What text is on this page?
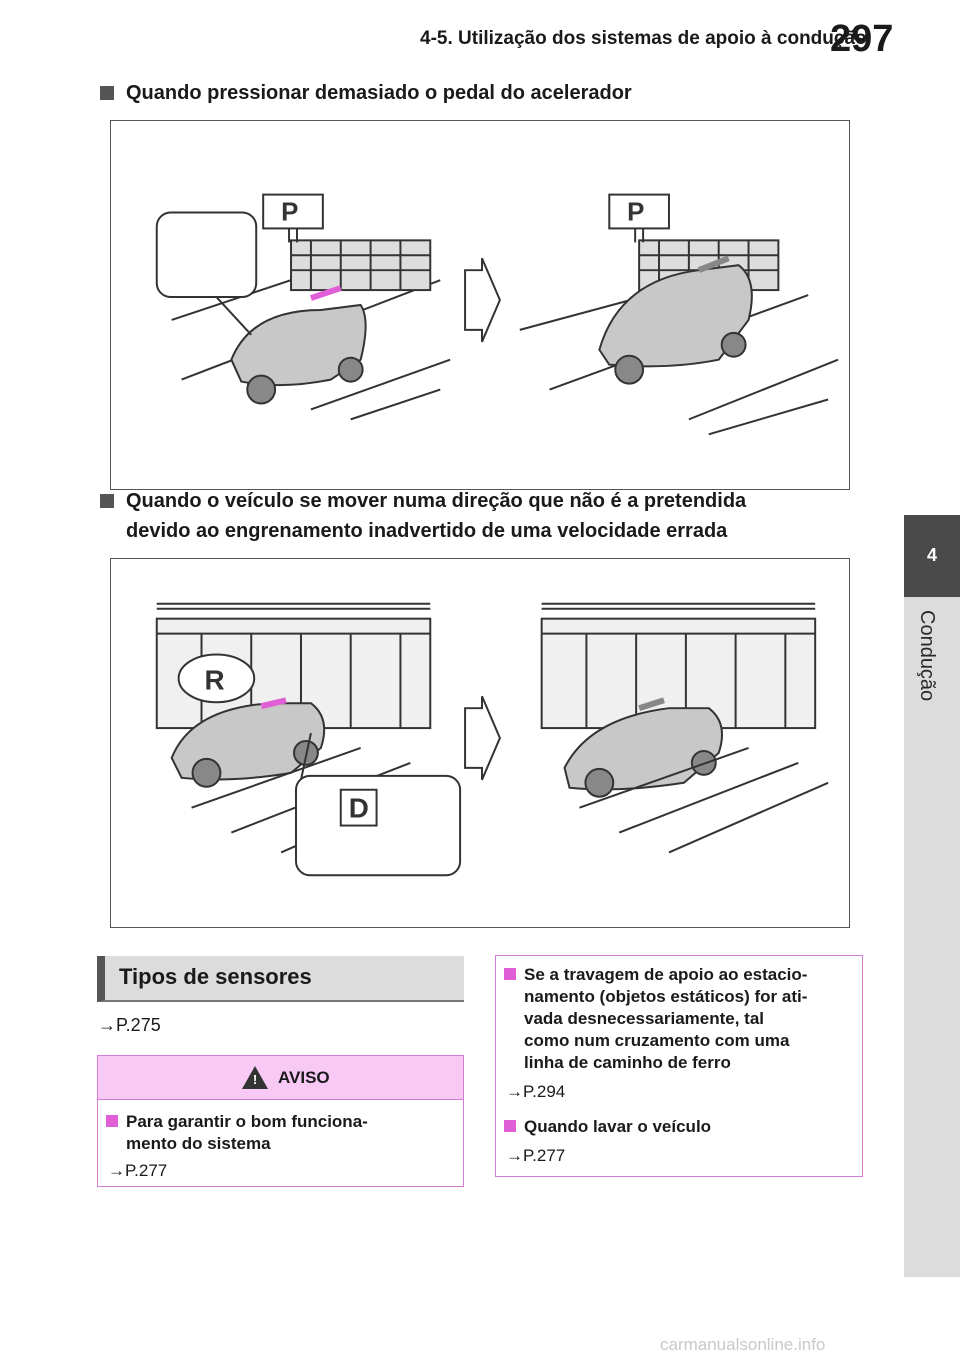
4-5. Utilização dos sistemas de apoio à condução
297
4
Condução
Quando pressionar demasiado o pedal do acelerador
P	P
Quando o veículo se mover numa direção que não é a pretendida
devido ao engrenamento inadvertido de uma velocidade errada
R
D
Tipos de sensores
→P.275
! AVISO
Para garantir o bom funciona-
mento do sistema
→P.277
Se a travagem de apoio ao estacio-
namento (objetos estáticos) for ati-
vada desnecessariamente, tal
como num cruzamento com uma
linha de caminho de ferro
→P.294
Quando lavar o veículo
→P.277
carmanualsonline.info
